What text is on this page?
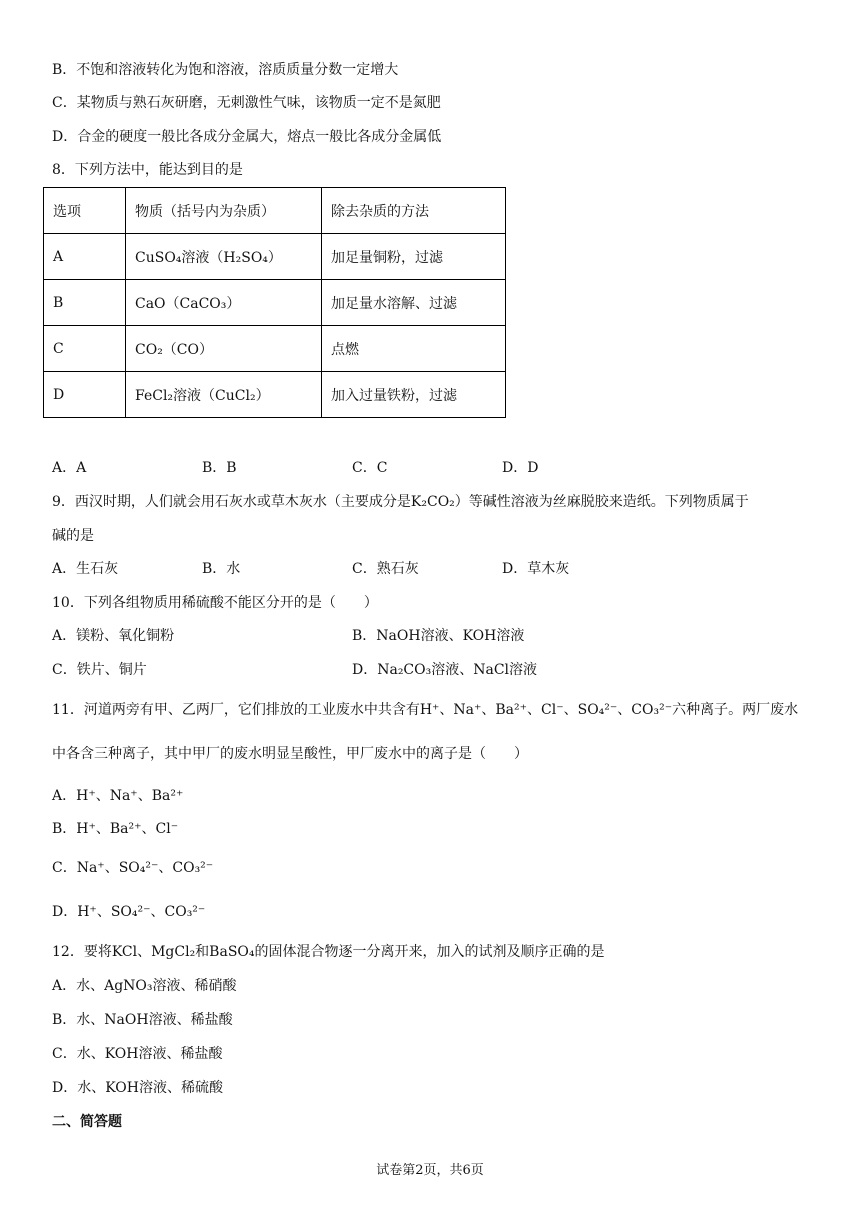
B．不饱和溶液转化为饱和溶液，溶质质量分数一定增大
C．某物质与熟石灰研磨，无刺激性气味，该物质一定不是氮肥
D．合金的硬度一般比各成分金属大，熔点一般比各成分金属低
8．下列方法中，能达到目的是
选项	物质（括号内为杂质）	除去杂质的方法
A	CuSO₄溶液（H₂SO₄）	加足量铜粉，过滤
B	CaO（CaCO₃）	加足量水溶解、过滤
C	CO₂（CO）	点燃
D	FeCl₂溶液（CuCl₂）	加入过量铁粉，过滤
A．A	B．B	C．C	D．D
9．西汉时期，人们就会用石灰水或草木灰水（主要成分是K₂CO₂）等碱性溶液为丝麻脱胶来造纸。下列物质属于
碱的是
A．生石灰	B．水	C．熟石灰	D．草木灰
10．下列各组物质用稀硫酸不能区分开的是（　　）
A．镁粉、氧化铜粉	B．NaOH溶液、KOH溶液
C．铁片、铜片	D．Na₂CO₃溶液、NaCl溶液
11．河道两旁有甲、乙两厂，它们排放的工业废水中共含有H⁺、Na⁺、Ba²⁺、Cl⁻、SO₄²⁻、CO₃²⁻六种离子。两厂废水
中各含三种离子，其中甲厂的废水明显呈酸性，甲厂废水中的离子是（　　）
A．H⁺、Na⁺、Ba²⁺
B．H⁺、Ba²⁺、Cl⁻
C．Na⁺、SO₄²⁻、CO₃²⁻
D．H⁺、SO₄²⁻、CO₃²⁻
12．要将KCl、MgCl₂和BaSO₄的固体混合物逐一分离开来，加入的试剂及顺序正确的是
A．水、AgNO₃溶液、稀硝酸
B．水、NaOH溶液、稀盐酸
C．水、KOH溶液、稀盐酸
D．水、KOH溶液、稀硫酸
二、简答题
试卷第2页，共6页
